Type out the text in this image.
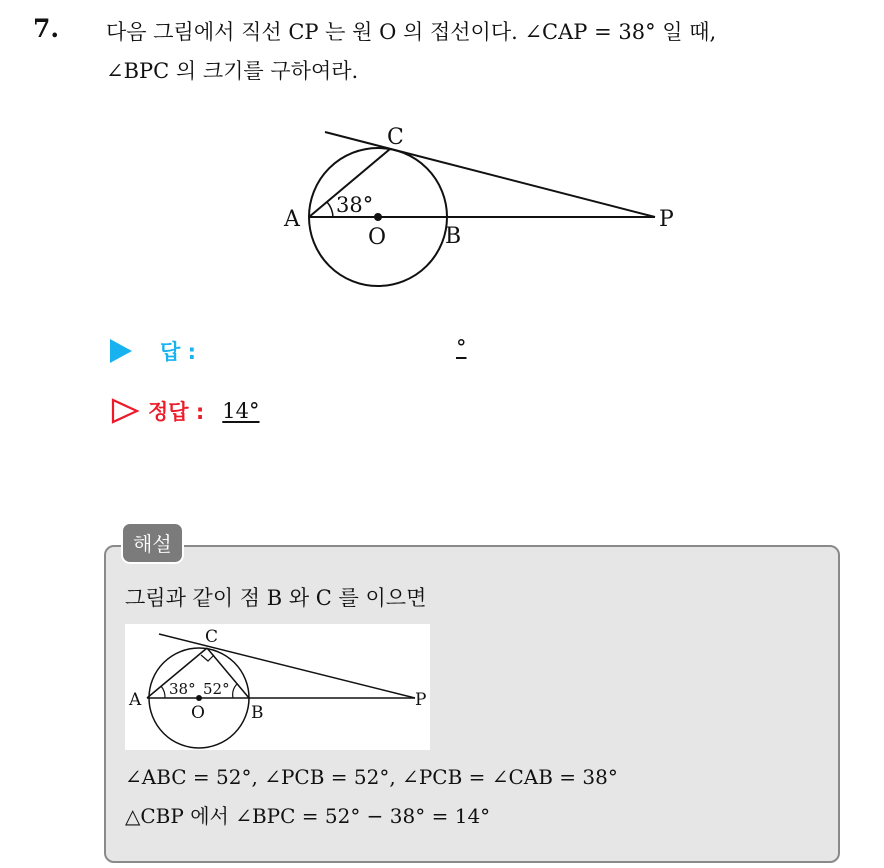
7. 다음 그림에서 직선 CP 는 원 O 의 접선이다. ∠CAP = 38° 일 때,
∠BPC 의 크기를 구하여라.
C
38°
A
O	B
P
답 :	°
정답 : 14°
해설
그림과 같이 점 B 와 C 를 이으면
C
38° 52°
A
O	B
P
∠ABC = 52°, ∠PCB = 52°, ∠PCB = ∠CAB = 38°
△CBP 에서 ∠BPC = 52° − 38° = 14°
